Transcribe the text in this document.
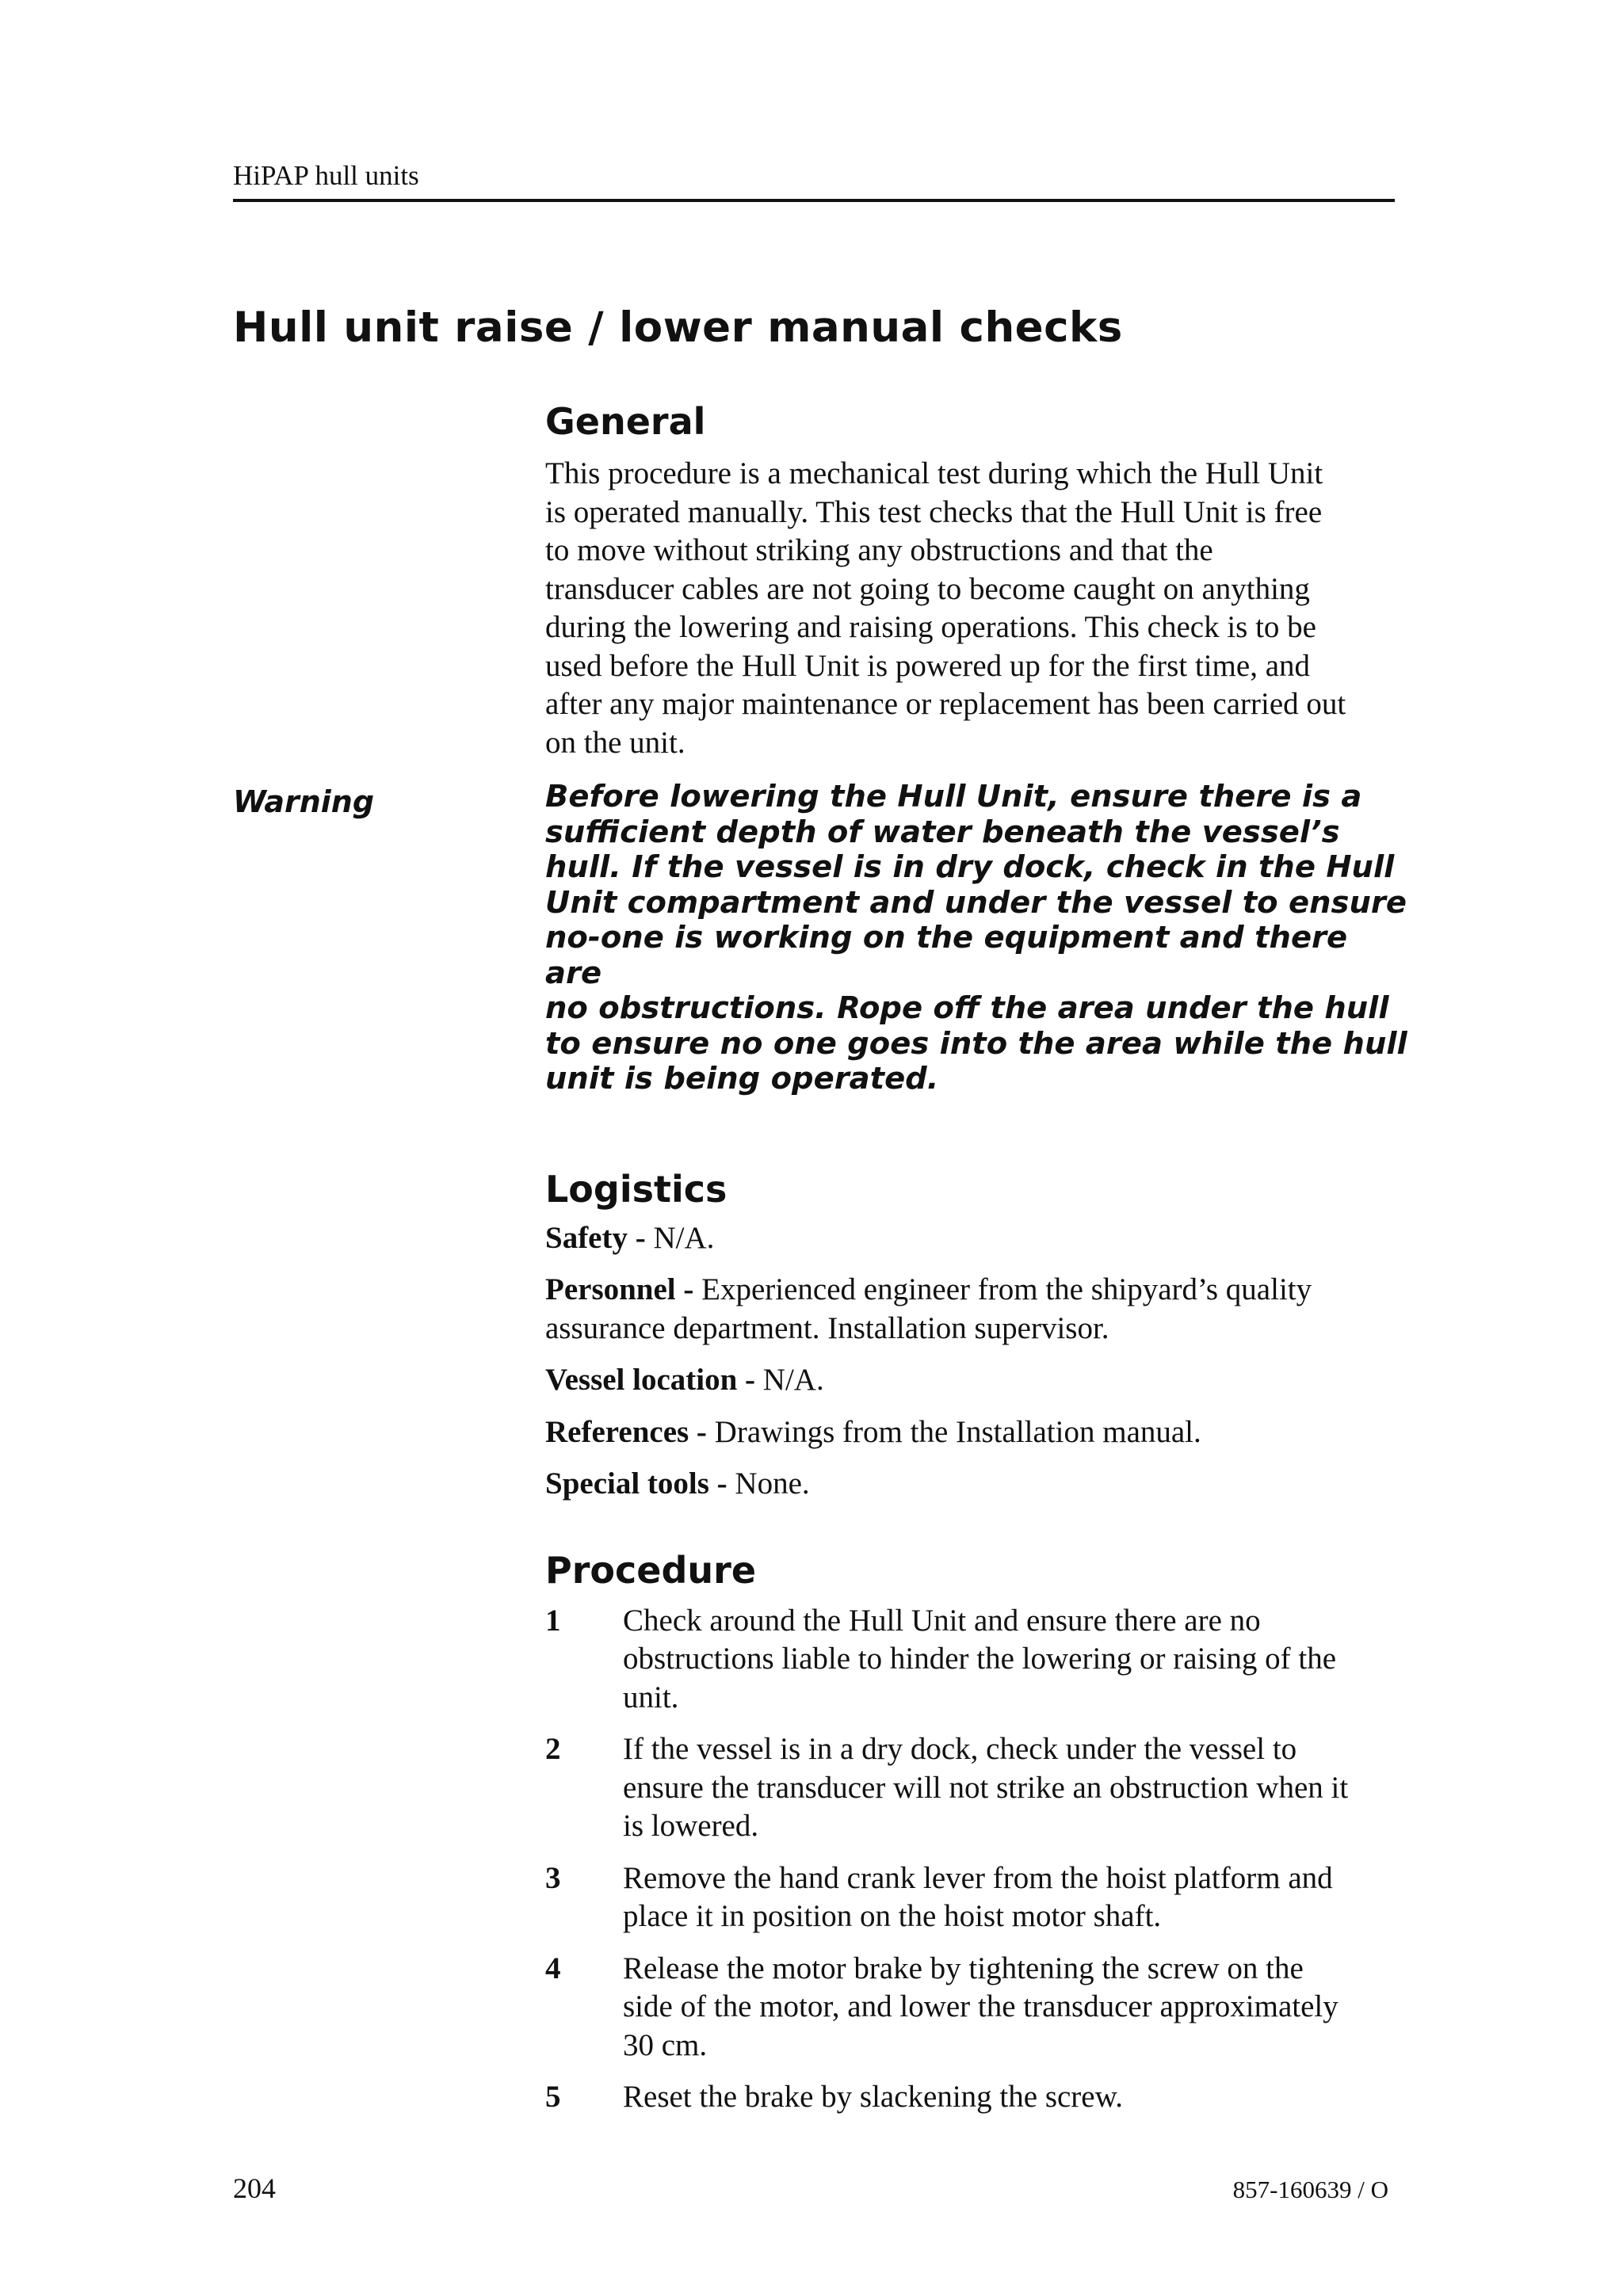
HiPAP hull units
Hull unit raise / lower manual checks
Warning
General

This procedure is a mechanical test during which the Hull Unit
is operated manually. This test checks that the Hull Unit is free
to move without striking any obstructions and that the
transducer cables are not going to become caught on anything
during the lowering and raising operations. This check is to be
used before the Hull Unit is powered up for the first time, and
after any major maintenance or replacement has been carried out
on the unit.

Before lowering the Hull Unit, ensure there is a
sufficient depth of water beneath the vessel’s
hull. If the vessel is in dry dock, check in the Hull
Unit compartment and under the vessel to ensure
no-one is working on the equipment and there are
no obstructions. Rope off the area under the hull
to ensure no one goes into the area while the hull
unit is being operated.

Logistics

Safety - N/A.

Personnel - Experienced engineer from the shipyard’s quality
assurance department. Installation supervisor.

Vessel location - N/A.

References - Drawings from the Installation manual.

Special tools - None.

Procedure
1	Check around the Hull Unit and ensure there are no
obstructions liable to hinder the lowering or raising of the
unit.
2	If the vessel is in a dry dock, check under the vessel to
ensure the transducer will not strike an obstruction when it
is lowered.
3	Remove the hand crank lever from the hoist platform and
place it in position on the hoist motor shaft.
4	Release the motor brake by tightening the screw on the
side of the motor, and lower the transducer approximately
30 cm.
5	Reset the brake by slackening the screw.
204	857-160639 / O
